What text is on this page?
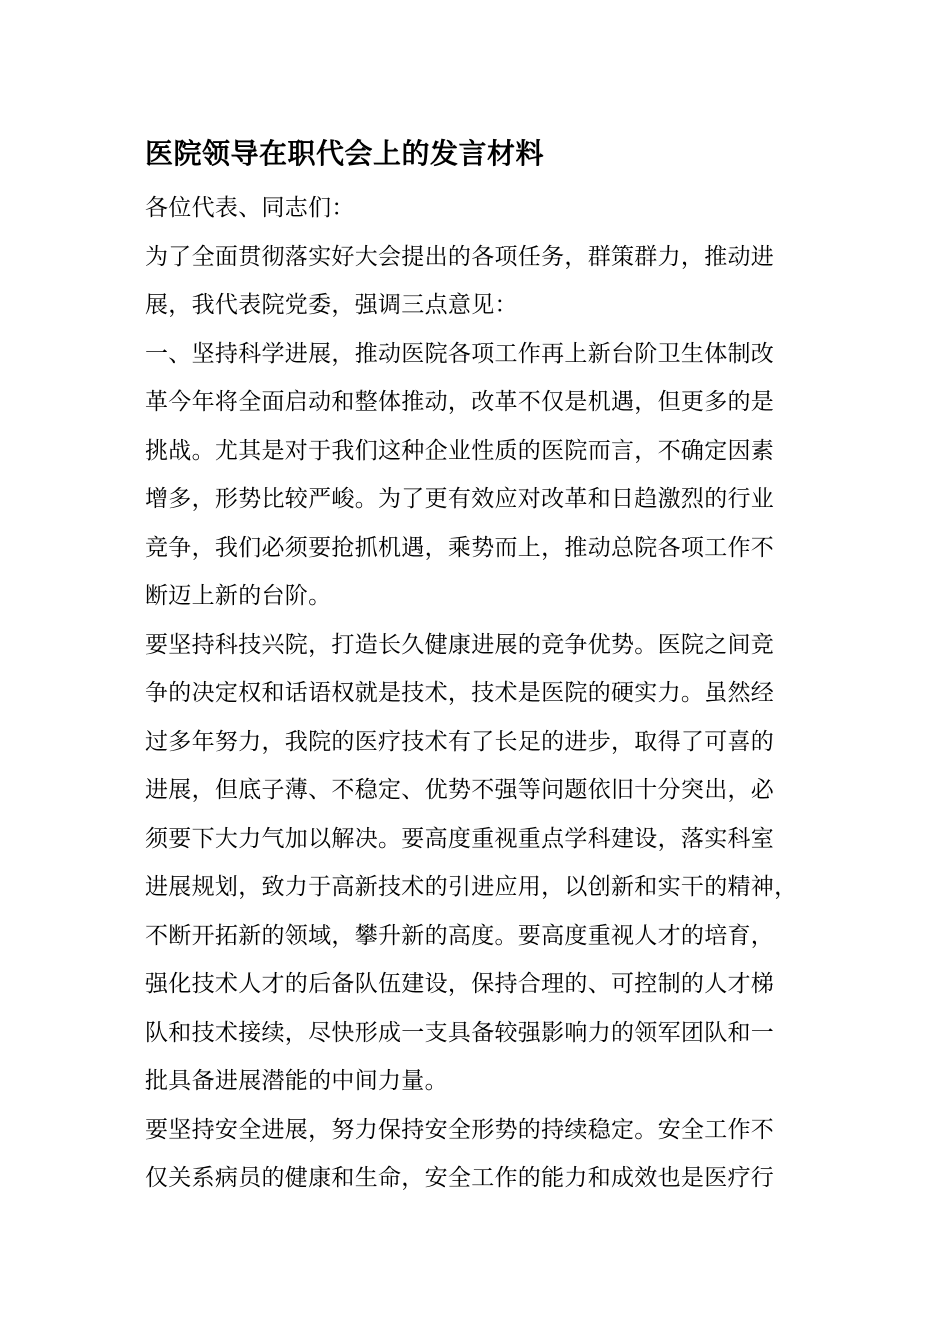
医院领导在职代会上的发言材料

各位代表、同志们：

为了全面贯彻落实好大会提出的各项任务，群策群力，推动进
展，我代表院党委，强调三点意见：

一、坚持科学进展，推动医院各项工作再上新台阶卫生体制改
革今年将全面启动和整体推动，改革不仅是机遇，但更多的是
挑战。尤其是对于我们这种企业性质的医院而言，不确定因素
增多，形势比较严峻。为了更有效应对改革和日趋激烈的行业
竞争，我们必须要抢抓机遇，乘势而上，推动总院各项工作不
断迈上新的台阶。

要坚持科技兴院，打造长久健康进展的竞争优势。医院之间竞
争的决定权和话语权就是技术，技术是医院的硬实力。虽然经
过多年努力，我院的医疗技术有了长足的进步，取得了可喜的
进展，但底子薄、不稳定、优势不强等问题依旧十分突出，必
须要下大力气加以解决。要高度重视重点学科建设，落实科室
进展规划，致力于高新技术的引进应用，以创新和实干的精神，
不断开拓新的领域，攀升新的高度。要高度重视人才的培育，
强化技术人才的后备队伍建设，保持合理的、可控制的人才梯
队和技术接续，尽快形成一支具备较强影响力的领军团队和一
批具备进展潜能的中间力量。

要坚持安全进展，努力保持安全形势的持续稳定。安全工作不
仅关系病员的健康和生命，安全工作的能力和成效也是医疗行
